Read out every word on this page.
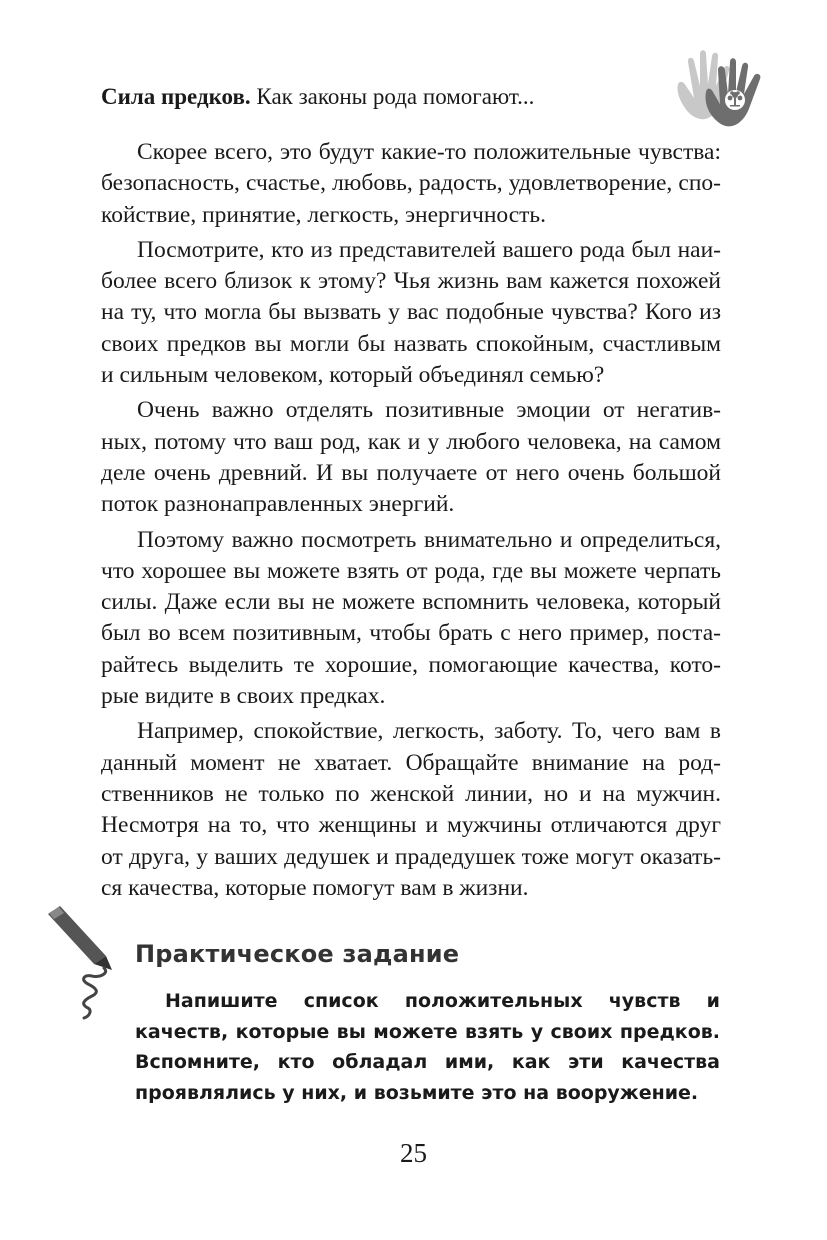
Сила предков. Как законы рода помогают...

Скорее всего, это будут какие-то положительные чувства: безопасность, счастье, любовь, радость, удовлетворение, спокойствие, принятие, легкость, энергичность.

Посмотрите, кто из представителей вашего рода был наиболее всего близок к этому? Чья жизнь вам кажется похожей на ту, что могла бы вызвать у вас подобные чувства? Кого из своих предков вы могли бы назвать спокойным, счастливым и сильным человеком, который объединял семью?

Очень важно отделять позитивные эмоции от негативных, потому что ваш род, как и у любого человека, на самом деле очень древний. И вы получаете от него очень большой поток разнонаправленных энергий.

Поэтому важно посмотреть внимательно и определиться, что хорошее вы можете взять от рода, где вы можете черпать силы. Даже если вы не можете вспомнить человека, который был во всем позитивным, чтобы брать с него пример, постарайтесь выделить те хорошие, помогающие качества, которые видите в своих предках.

Например, спокойствие, легкость, заботу. То, чего вам в данный момент не хватает. Обращайте внимание на родственников не только по женской линии, но и на мужчин. Несмотря на то, что женщины и мужчины отличаются друг от друга, у ваших дедушек и прадедушек тоже могут оказаться качества, которые помогут вам в жизни.

Практическое задание

Напишите список положительных чувств и качеств, которые вы можете взять у своих предков. Вспомните, кто обладал ими, как эти качества проявлялись у них, и возьмите это на вооружение.

25
